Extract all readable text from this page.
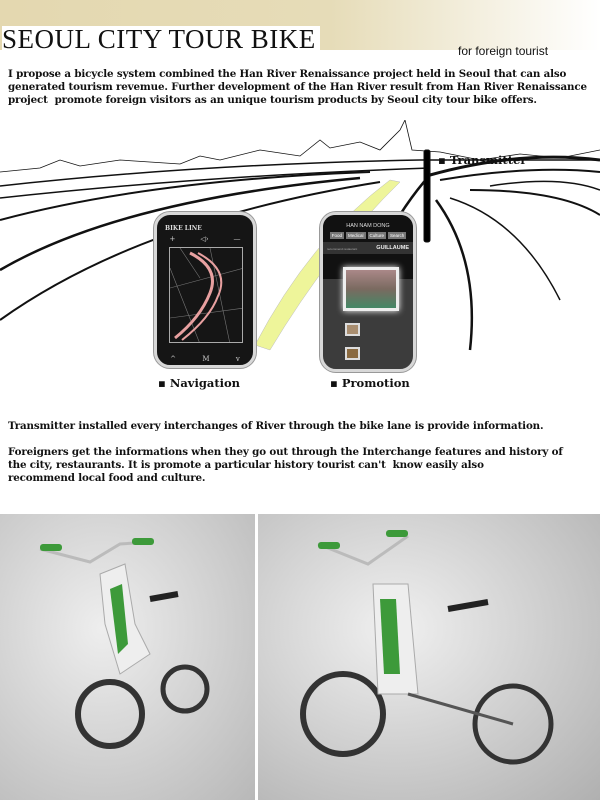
SEOUL CITY TOUR BIKE	for foreign tourist
I propose a bicycle system combined the Han River Renaissance project held in Seoul that can also
generated tourism revemue. Further development of the Han River result from Han River Renaissance
project  promote foreign visitors as an unique tourism products by Seoul city tour bike offers.
▪ Transmitter
BIKE LINE
+	◁›	—
^	M	v
HAN NAM DONG
Food	Medical	Culture	Search
recommend restaurant	GUILLAUME
▪ Navigation	▪ Promotion
Transmitter installed every interchanges of River through the bike lane is provide information.
Foreigners get the informations when they go out through the Interchange features and history of
the city, restaurants. It is promote a particular history tourist can't  know easily also
recommend local food and culture.
